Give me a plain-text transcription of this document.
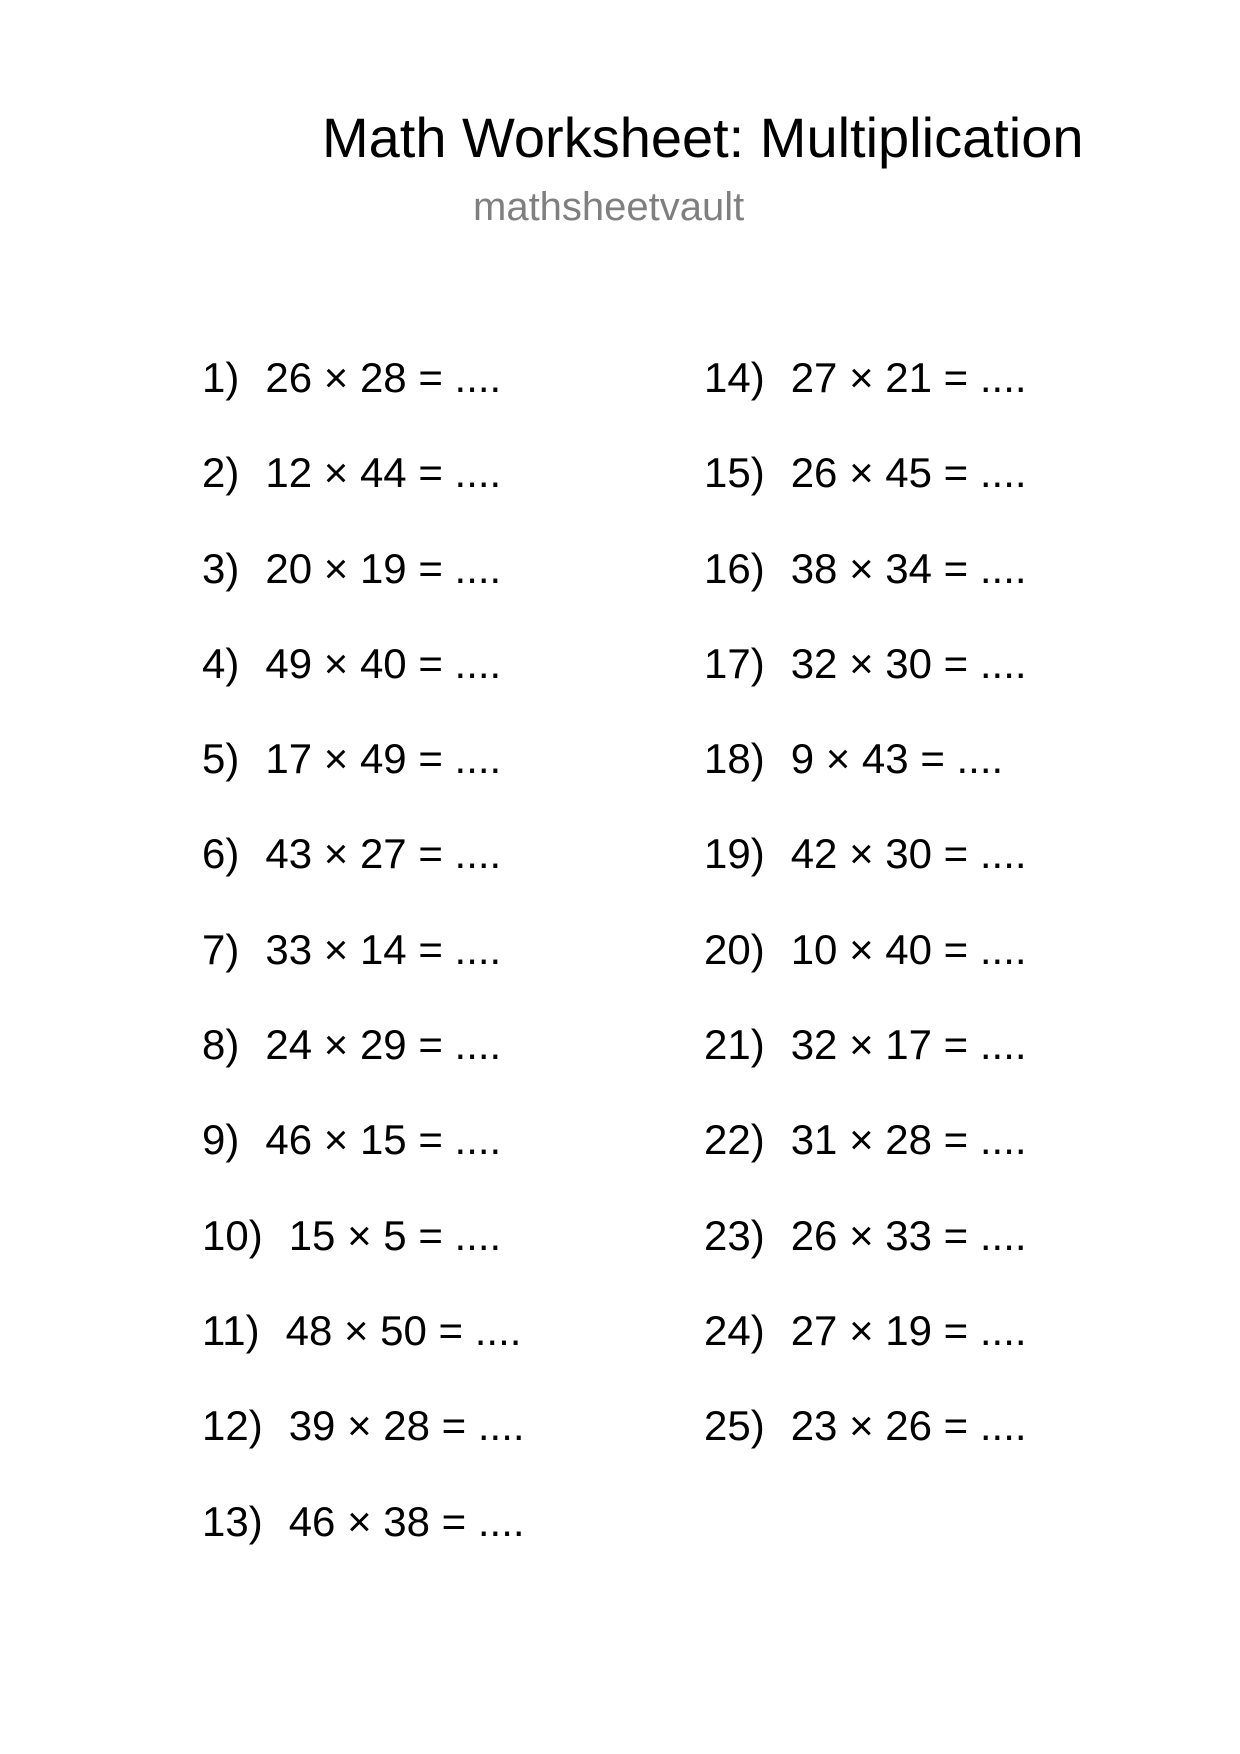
Math Worksheet: Multiplication
mathsheetvault
1) 26 × 28 = ....
2) 12 × 44 = ....
3) 20 × 19 = ....
4) 49 × 40 = ....
5) 17 × 49 = ....
6) 43 × 27 = ....
7) 33 × 14 = ....
8) 24 × 29 = ....
9) 46 × 15 = ....
10) 15 × 5 = ....
11) 48 × 50 = ....
12) 39 × 28 = ....
13) 46 × 38 = ....
14) 27 × 21 = ....
15) 26 × 45 = ....
16) 38 × 34 = ....
17) 32 × 30 = ....
18) 9 × 43 = ....
19) 42 × 30 = ....
20) 10 × 40 = ....
21) 32 × 17 = ....
22) 31 × 28 = ....
23) 26 × 33 = ....
24) 27 × 19 = ....
25) 23 × 26 = ....
